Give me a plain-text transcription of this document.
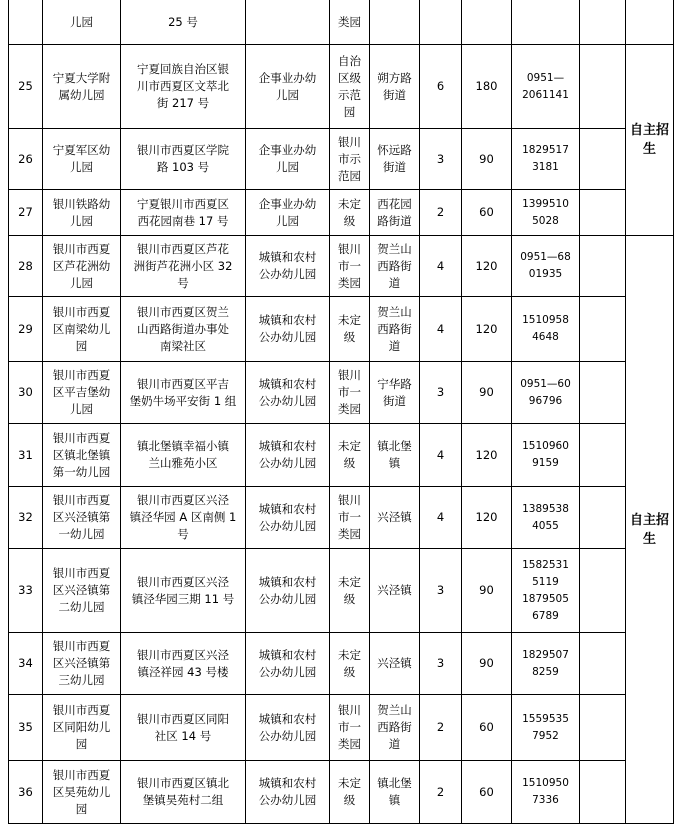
	儿园	25 号		类园						

25	宁夏大学附
属幼儿园	宁夏回族自治区银
川市西夏区文萃北
街 217 号	企事业办幼
儿园	自治
区级
示范
园	朔方路
街道	6	180	0951—
2061141		自主招
生

26	宁夏军区幼
儿园	银川市西夏区学院
路 103 号	企事业办幼
儿园	银川
市示
范园	怀远路
街道	3	90	1829517
3181		

27	银川铁路幼
儿园	宁夏银川市西夏区
西花园南巷 17 号	企事业办幼
儿园	未定
级	西花园
路街道	2	60	1399510
5028		

28	银川市西夏
区芦花洲幼
儿园	银川市西夏区芦花
洲街芦花洲小区 32
号	城镇和农村
公办幼儿园	银川
市一
类园	贺兰山
西路街
道	4	120	0951—68
01935		自主招
生

29	银川市西夏
区南梁幼儿
园	银川市西夏区贺兰
山西路街道办事处
南梁社区	城镇和农村
公办幼儿园	未定
级	贺兰山
西路街
道	4	120	1510958
4648		

30	银川市西夏
区平吉堡幼
儿园	银川市西夏区平吉
堡奶牛场平安街 1 组	城镇和农村
公办幼儿园	银川
市一
类园	宁华路
街道	3	90	0951—60
96796		

31	银川市西夏
区镇北堡镇
第一幼儿园	镇北堡镇幸福小镇
兰山雅苑小区	城镇和农村
公办幼儿园	未定
级	镇北堡
镇	4	120	1510960
9159		

32	银川市西夏
区兴泾镇第
一幼儿园	银川市西夏区兴泾
镇泾华园 A 区南侧 1
号	城镇和农村
公办幼儿园	银川
市一
类园	兴泾镇	4	120	1389538
4055		

33	银川市西夏
区兴泾镇第
二幼儿园	银川市西夏区兴泾
镇泾华园三期 11 号	城镇和农村
公办幼儿园	未定
级	兴泾镇	3	90	1582531
5119
1879505
6789		

34	银川市西夏
区兴泾镇第
三幼儿园	银川市西夏区兴泾
镇泾祥园 43 号楼	城镇和农村
公办幼儿园	未定
级	兴泾镇	3	90	1829507
8259		

35	银川市西夏
区同阳幼儿
园	银川市西夏区同阳
社区 14 号	城镇和农村
公办幼儿园	银川
市一
类园	贺兰山
西路街
道	2	60	1559535
7952		

36	银川市西夏
区昊苑幼儿
园	银川市西夏区镇北
堡镇昊苑村二组	城镇和农村
公办幼儿园	未定
级	镇北堡
镇	2	60	1510950
7336		
